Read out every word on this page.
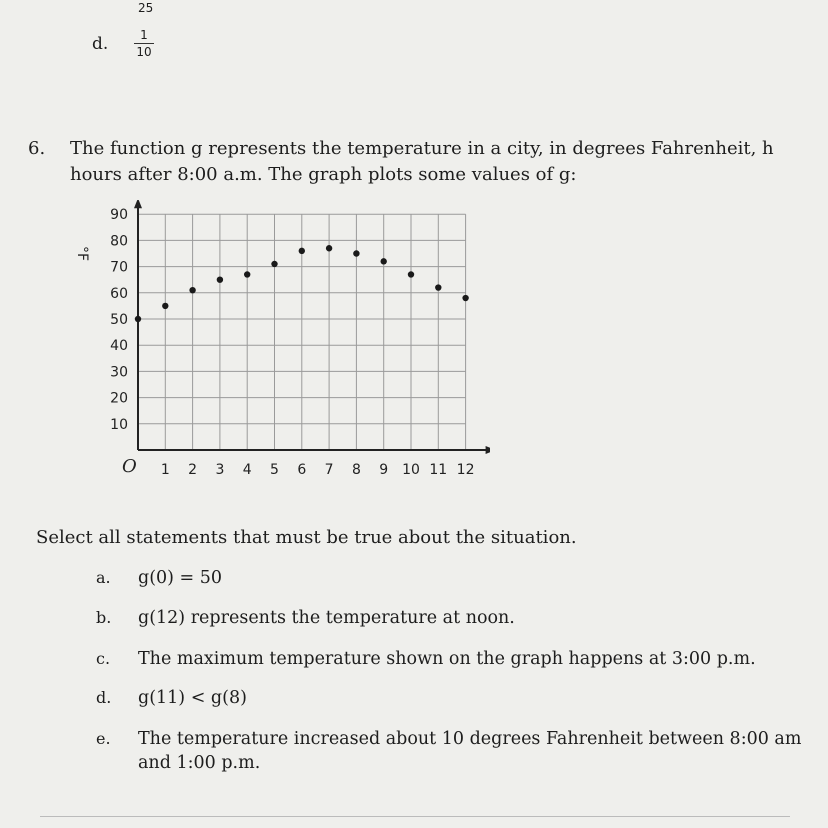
25
d.	1
10
6. The function g represents the temperature in a city, in degrees Fahrenheit, h hours after 8:00 a.m. The graph plots some values of g:
1 2 3 4 5 6 7 8 9 10 11 12
10
20
30
40
50
60
70
80
90
°F
O
Select all statements that must be true about the situation.
a. g(0) = 50
b. g(12) represents the temperature at noon.
c. The maximum temperature shown on the graph happens at 3:00 p.m.
d. g(11) < g(8)
e. The temperature increased about 10 degrees Fahrenheit between 8:00 am and 1:00 p.m.
